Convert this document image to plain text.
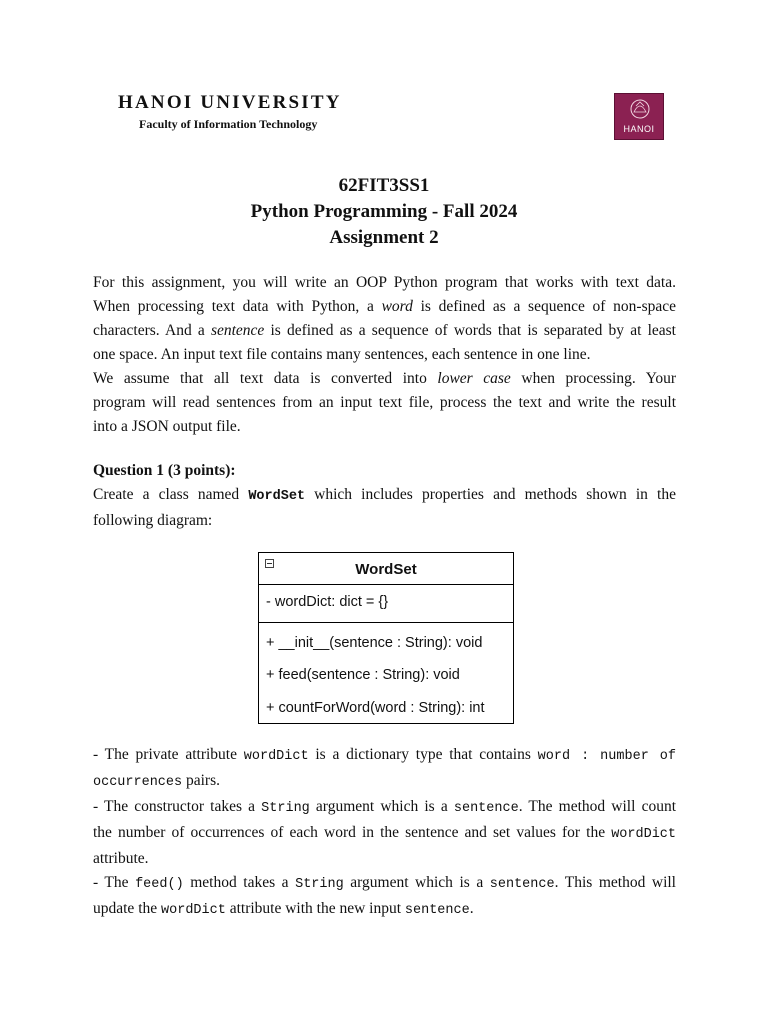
HANOI UNIVERSITY
Faculty of Information Technology	HANOI
62FIT3SS1
Python Programming - Fall 2024
Assignment 2
For this assignment, you will write an OOP Python program that works with text data.
When processing text data with Python, a word is defined as a sequence of non-space
characters. And a sentence is defined as a sequence of words that is separated by at least
one space. An input text file contains many sentences, each sentence in one line.
We assume that all text data is converted into lower case when processing. Your
program will read sentences from an input text file, process the text and write the result
into a JSON output file.
Question 1 (3 points):
Create a class named WordSet which includes properties and methods shown in the
following diagram:
WordSet
- wordDict: dict = {}
+ __init__(sentence : String): void
+ feed(sentence : String): void
+ countForWord(word : String): int
- The private attribute wordDict is a dictionary type that contains word : number of
occurrences pairs.
- The constructor takes a String argument which is a sentence. The method will count
the number of occurrences of each word in the sentence and set values for the wordDict
attribute.
- The feed() method takes a String argument which is a sentence. This method will
update the wordDict attribute with the new input sentence.
